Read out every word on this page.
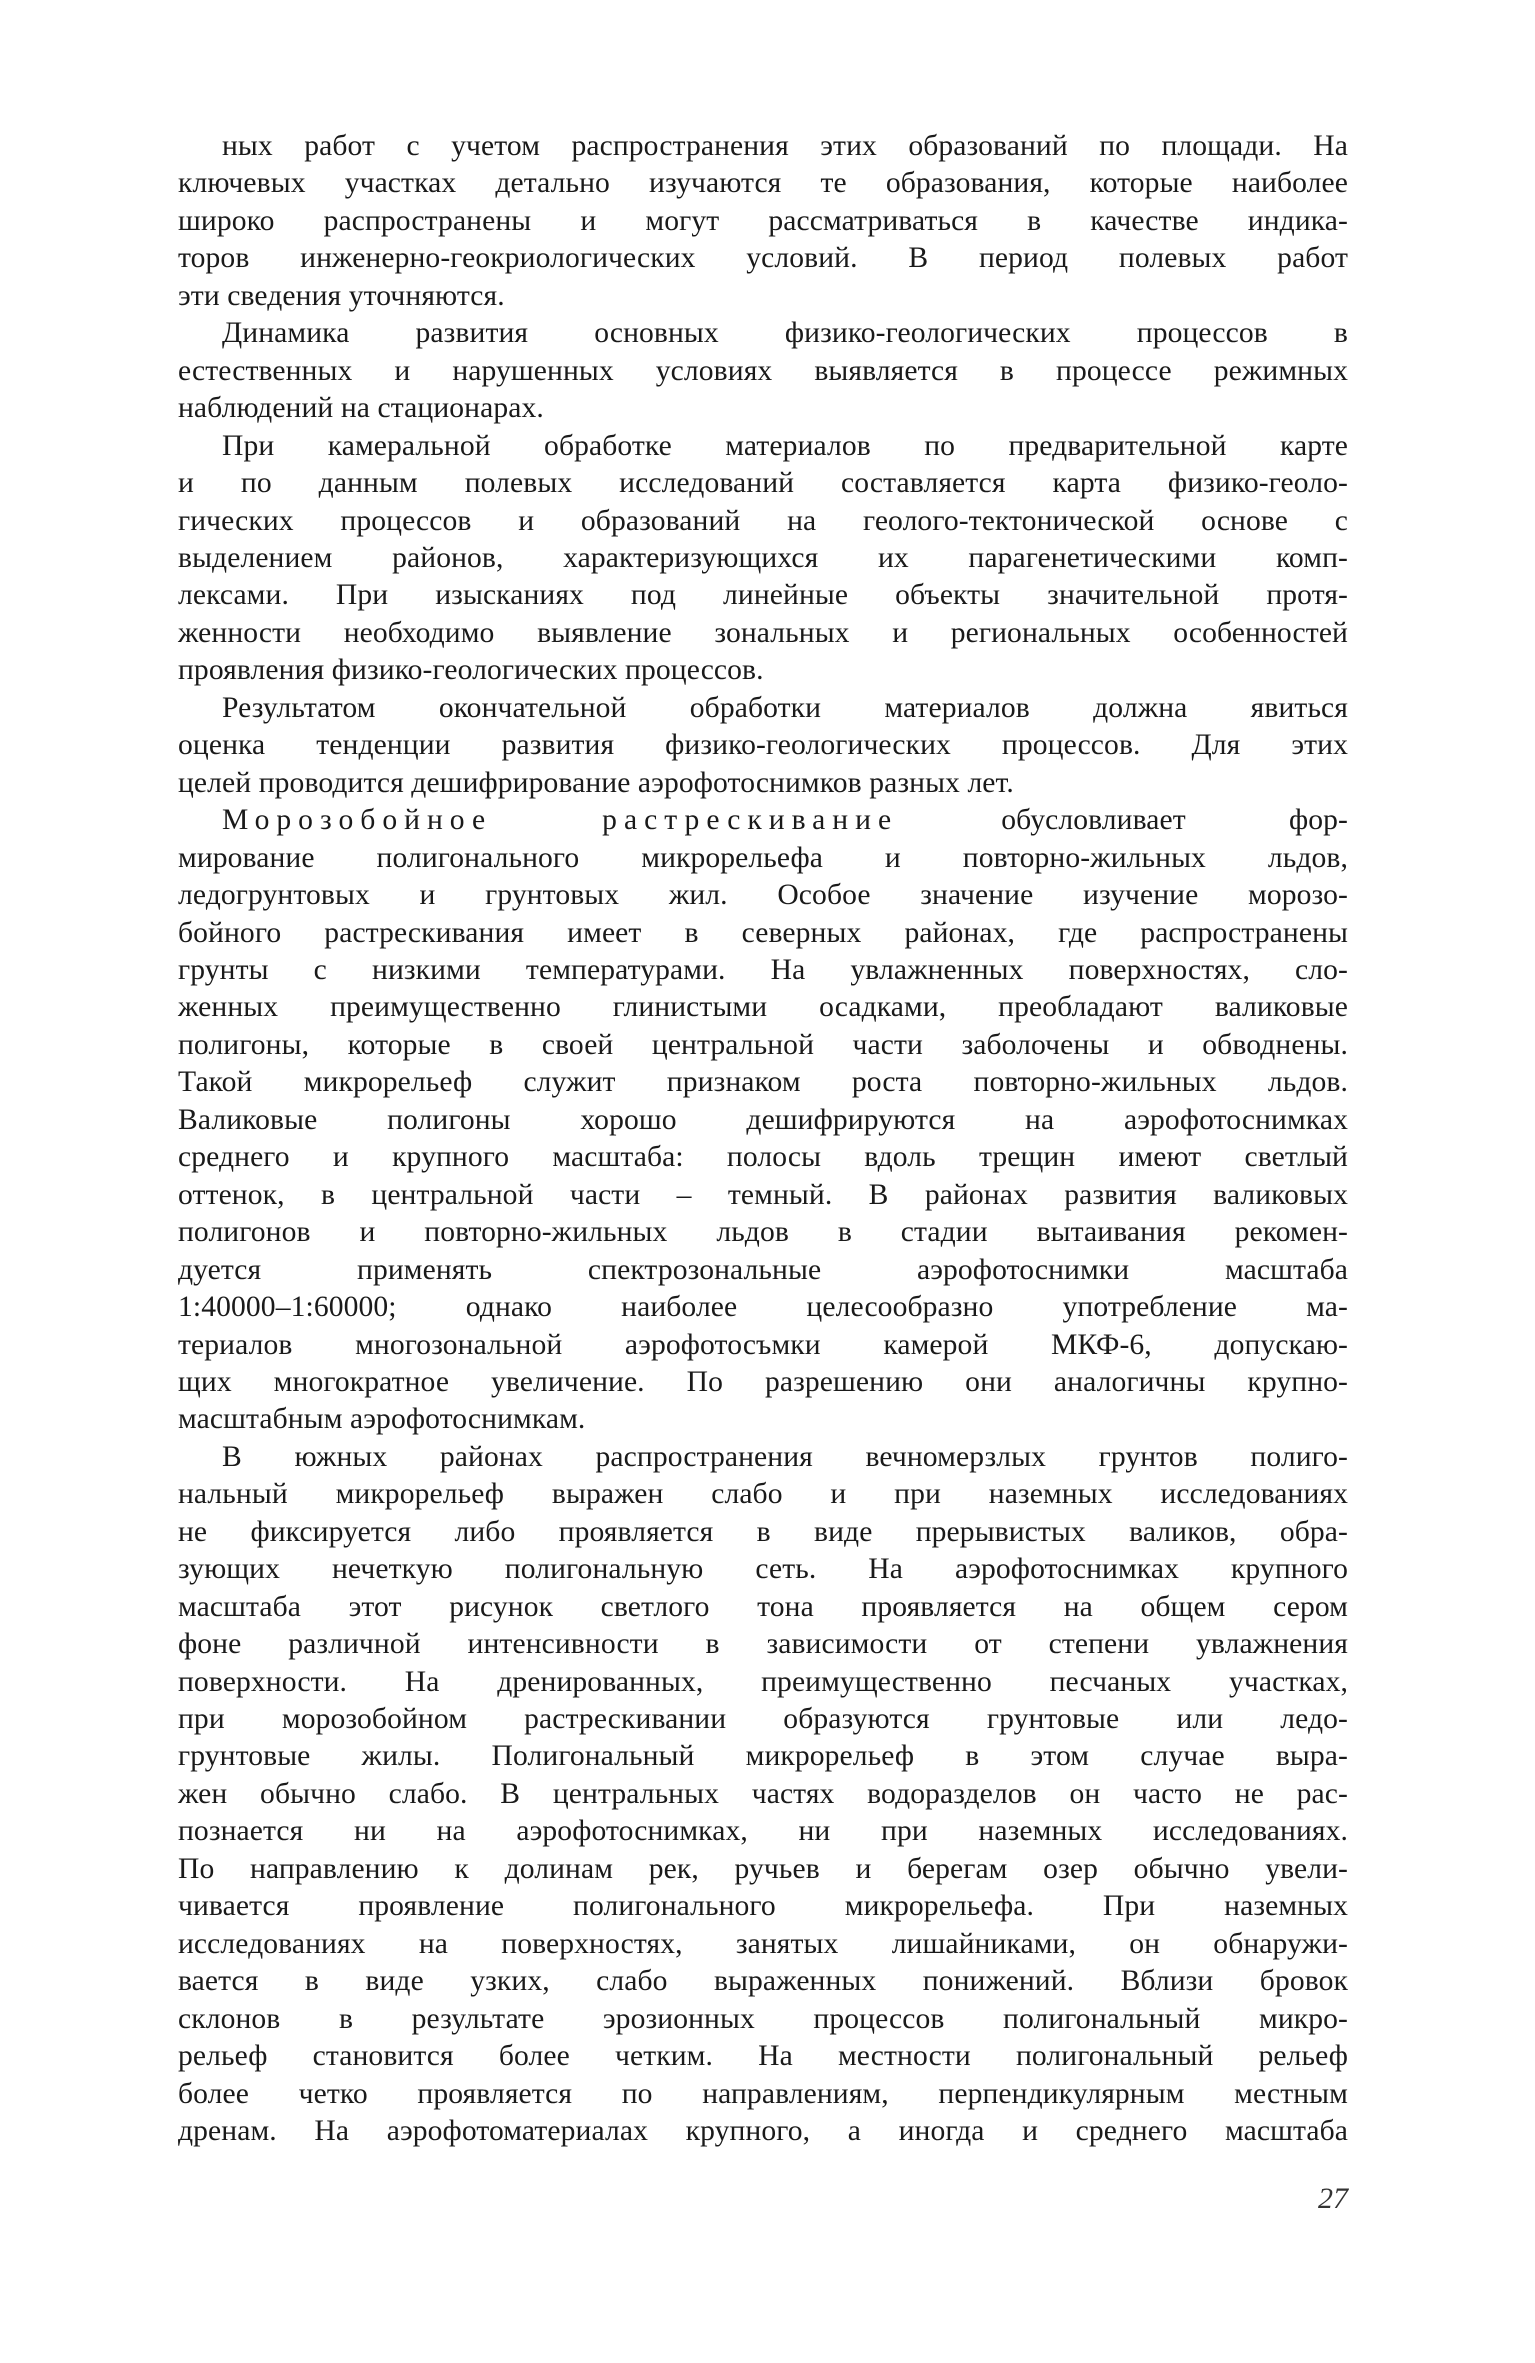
ных работ с учетом распространения этих образований по площади. На
ключевых участках детально изучаются те образования, которые наиболее
широко распространены и могут рассматриваться в качестве индика-
торов инженерно-геокриологических условий. В период полевых работ
эти сведения уточняются.
Динамика развития основных физико-геологических процессов в
естественных и нарушенных условиях выявляется в процессе режимных
наблюдений на стационарах.
При камеральной обработке материалов по предварительной карте
и по данным полевых исследований составляется карта физико-геоло-
гических процессов и образований на геолого-тектонической основе с
выделением районов, характеризующихся их парагенетическими комп-
лексами. При изысканиях под линейные объекты значительной протя-
женности необходимо выявление зональных и региональных особенностей
проявления физико-геологических процессов.
Результатом окончательной обработки материалов должна явиться
оценка тенденции развития физико-геологических процессов. Для этих
целей проводится дешифрирование аэрофотоснимков разных лет.
Морозобойное растрескивание	обусловливает фор-
мирование полигонального микрорельефа и повторно-жильных льдов,
ледогрунтовых и грунтовых жил. Особое значение изучение морозо-
бойного растрескивания имеет в северных районах, где распространены
грунты с низкими температурами. На увлажненных поверхностях, сло-
женных преимущественно глинистыми осадками, преобладают валиковые
полигоны, которые в своей центральной части заболочены и обводнены.
Такой микрорельеф служит признаком роста повторно-жильных льдов.
Валиковые полигоны хорошо дешифрируются на аэрофотоснимках
среднего и крупного масштаба: полосы вдоль трещин имеют светлый
оттенок, в центральной части – темный. В районах развития валиковых
полигонов и повторно-жильных льдов в стадии вытаивания рекомен-
дуется применять спектрозональные аэрофотоснимки масштаба
1:40000–1:60000; однако наиболее целесообразно употребление ма-
териалов многозональной аэрофотосъмки камерой МКФ-6, допускаю-
щих многократное увеличение. По разрешению они аналогичны крупно-
масштабным аэрофотоснимкам.
В южных районах распространения вечномерзлых грунтов полиго-
нальный микрорельеф выражен слабо и при наземных исследованиях
не фиксируется либо проявляется в виде прерывистых валиков, обра-
зующих нечеткую полигональную сеть. На аэрофотоснимках крупного
масштаба этот рисунок светлого тона проявляется на общем сером
фоне различной интенсивности в зависимости от степени увлажнения
поверхности. На дренированных, преимущественно песчаных участках,
при морозобойном растрескивании образуются грунтовые или ледо-
грунтовые жилы. Полигональный микрорельеф в этом случае выра-
жен обычно слабо. В центральных частях водоразделов он часто не рас-
познается ни на аэрофотоснимках, ни при наземных исследованиях.
По направлению к долинам рек, ручьев и берегам озер обычно увели-
чивается проявление полигонального микрорельефа. При наземных
исследованиях на поверхностях, занятых лишайниками, он обнаружи-
вается в виде узких, слабо выраженных понижений. Вблизи бровок
склонов в результате эрозионных процессов полигональный микро-
рельеф становится более четким. На местности полигональный рельеф
более четко проявляется по направлениям, перпендикулярным местным
дренам. На аэрофотоматериалах крупного, а иногда и среднего масштаба
27
